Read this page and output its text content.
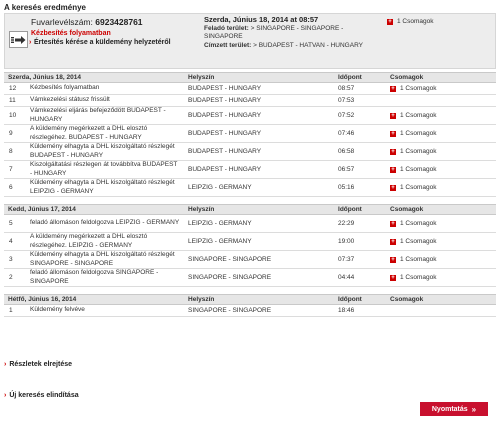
A keresés eredménye
Fuvarlevélszám: 6923428761
Kézbesítés folyamatban
› Értesítés kérése a küldemény helyzetéről
Szerda, Június 18, 2014 at 08:57
Feladó terület: > SINGAPORE - SINGAPORE - SINGAPORE
Címzett terület: > BUDAPEST - HATVAN - HUNGARY
+ 1 Csomagok
Szerda, Június 18, 2014		Helyszín	Időpont	Csomagok
12	Kézbesítés folyamatban	BUDAPEST - HUNGARY	08:57	+ 1 Csomagok

11	Vámkezelési státusz frissült	BUDAPEST - HUNGARY	07:53	
10	Vámkezelési eljárás befejeződött BUDAPEST - HUNGARY	BUDAPEST - HUNGARY	07:52	+ 1 Csomagok

9	A küldemény megérkezett a DHL elosztó részlegéhez. BUDAPEST - HUNGARY	BUDAPEST - HUNGARY	07:46	+ 1 Csomagok

8	Küldemény elhagyta a DHL kiszolgáltató részlegét BUDAPEST - HUNGARY	BUDAPEST - HUNGARY	06:58	+ 1 Csomagok

7	Kiszolgáltatási részlegen át továbbítva BUDAPEST - HUNGARY	BUDAPEST - HUNGARY	06:57	+ 1 Csomagok

6	Küldemény elhagyta a DHL kiszolgáltató részlegét LEIPZIG - GERMANY	LEIPZIG - GERMANY	05:16	+ 1 Csomagok

Kedd, Június 17, 2014		Helyszín	Időpont	Csomagok
5	feladó állomáson feldolgozva LEIPZIG - GERMANY	LEIPZIG - GERMANY	22:29	+ 1 Csomagok

4	A küldemény megérkezett a DHL elosztó részlegéhez. LEIPZIG - GERMANY	LEIPZIG - GERMANY	19:00	+ 1 Csomagok

3	Küldemény elhagyta a DHL kiszolgáltató részlegét SINGAPORE - SINGAPORE	SINGAPORE - SINGAPORE	07:37	+ 1 Csomagok

2	feladó állomáson feldolgozva SINGAPORE - SINGAPORE	SINGAPORE - SINGAPORE	04:44	+ 1 Csomagok

Hétfő, Június 16, 2014		Helyszín	Időpont	Csomagok
1	Küldemény felvéve	SINGAPORE - SINGAPORE	18:46	
› Részletek elrejtése
› Új keresés elindítása
Nyomtatás »
